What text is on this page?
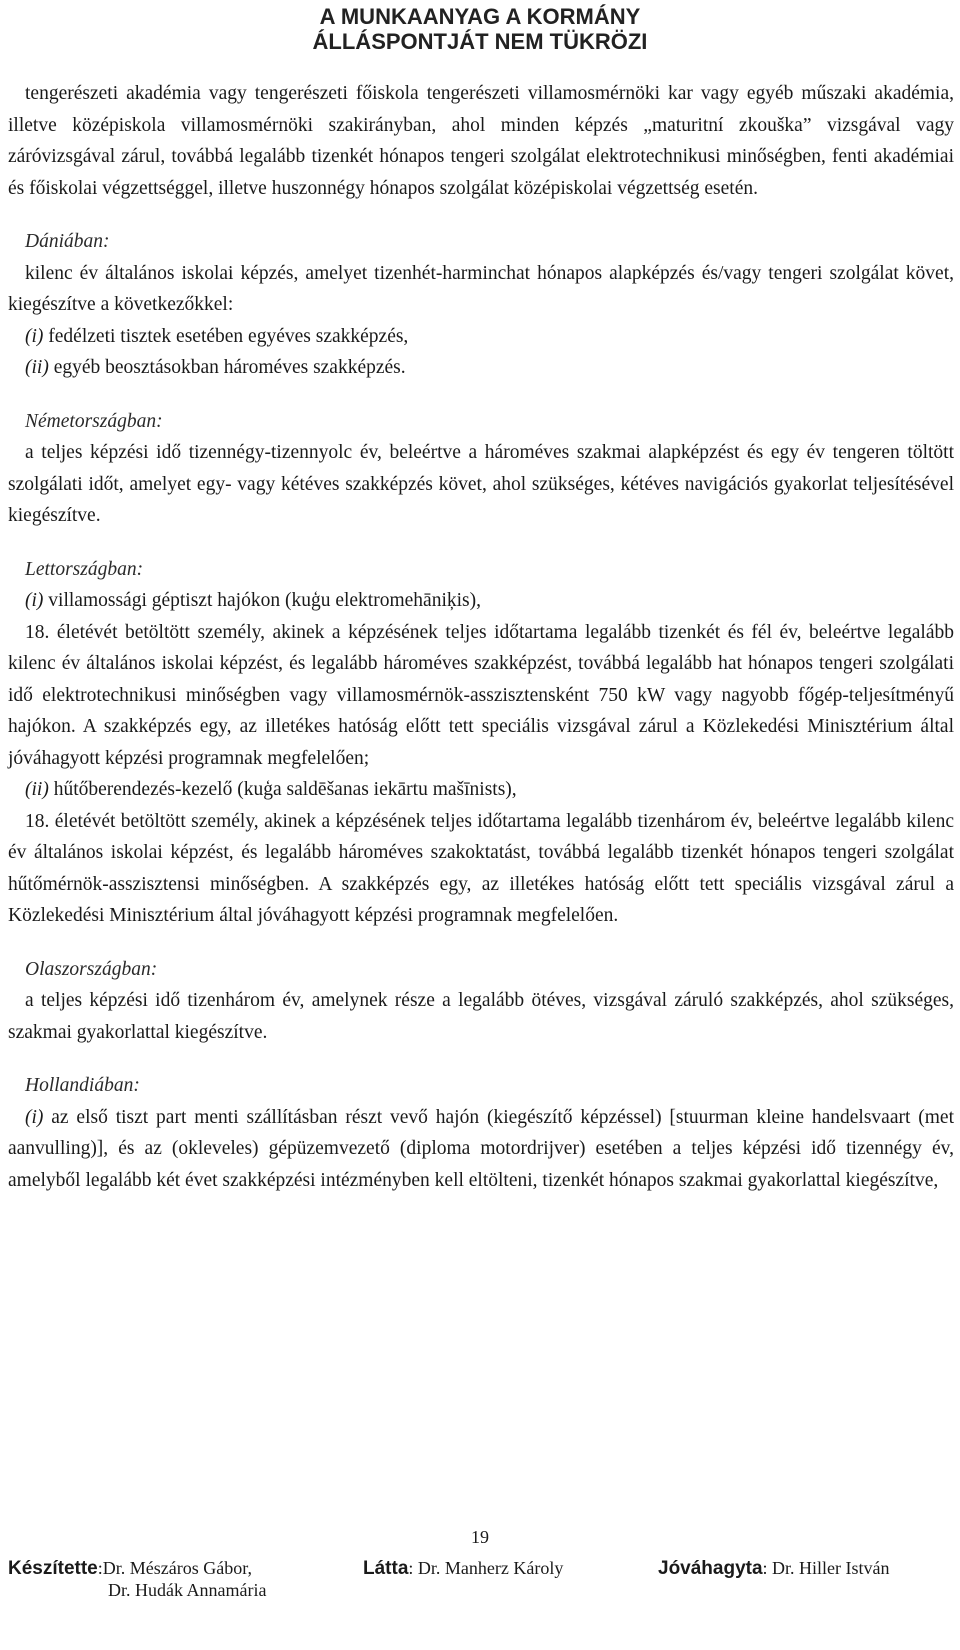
A MUNKAANYAG A KORMÁNY
ÁLLÁSPONTJÁT NEM TÜKRÖZI

tengerészeti akadémia vagy tengerészeti főiskola tengerészeti villamosmérnöki kar vagy egyéb műszaki akadémia, illetve középiskola villamosmérnöki szakirányban, ahol minden képzés „maturitní zkouška” vizsgával vagy záróvizsgával zárul, továbbá legalább tizenkét hónapos tengeri szolgálat elektrotechnikusi minőségben, fenti akadémiai és főiskolai végzettséggel, illetve huszonnégy hónapos szolgálat középiskolai végzettség esetén.

Dániában:

kilenc év általános iskolai képzés, amelyet tizenhét-harminchat hónapos alapképzés és/vagy tengeri szolgálat követ, kiegészítve a következőkkel:

(i) fedélzeti tisztek esetében egyéves szakképzés,

(ii) egyéb beosztásokban hároméves szakképzés.

Németországban:

a teljes képzési idő tizennégy-tizennyolc év, beleértve a hároméves szakmai alapképzést és egy év tengeren töltött szolgálati időt, amelyet egy- vagy kétéves szakképzés követ, ahol szükséges, kétéves navigációs gyakorlat teljesítésével kiegészítve.

Lettországban:

(i) villamossági géptiszt hajókon (kuģu elektromehāniķis),

18. életévét betöltött személy, akinek a képzésének teljes időtartama legalább tizenkét és fél év, beleértve legalább kilenc év általános iskolai képzést, és legalább hároméves szakképzést, továbbá legalább hat hónapos tengeri szolgálati idő elektrotechnikusi minőségben vagy villamosmérnök-asszisztensként 750 kW vagy nagyobb főgép-teljesítményű hajókon. A szakképzés egy, az illetékes hatóság előtt tett speciális vizsgával zárul a Közlekedési Minisztérium által jóváhagyott képzési programnak megfelelően;

(ii) hűtőberendezés-kezelő (kuģa saldēšanas iekārtu mašīnists),

18. életévét betöltött személy, akinek a képzésének teljes időtartama legalább tizenhárom év, beleértve legalább kilenc év általános iskolai képzést, és legalább hároméves szakoktatást, továbbá legalább tizenkét hónapos tengeri szolgálat hűtőmérnök-asszisztensi minőségben. A szakképzés egy, az illetékes hatóság előtt tett speciális vizsgával zárul a Közlekedési Minisztérium által jóváhagyott képzési programnak megfelelően.

Olaszországban:

a teljes képzési idő tizenhárom év, amelynek része a legalább ötéves, vizsgával záruló szakképzés, ahol szükséges, szakmai gyakorlattal kiegészítve.

Hollandiában:

(i) az első tiszt part menti szállításban részt vevő hajón (kiegészítő képzéssel) [stuurman kleine handelsvaart (met aanvulling)], és az (okleveles) gépüzemvezető (diploma motordrijver) esetében a teljes képzési idő tizennégy év, amelyből legalább két évet szakképzési intézményben kell eltölteni, tizenkét hónapos szakmai gyakorlattal kiegészítve,

19
Készítette:Dr. Mészáros Gábor,	Látta: Dr. Manherz Károly	Jóváhagyta: Dr. Hiller István
Dr. Hudák Annamária
